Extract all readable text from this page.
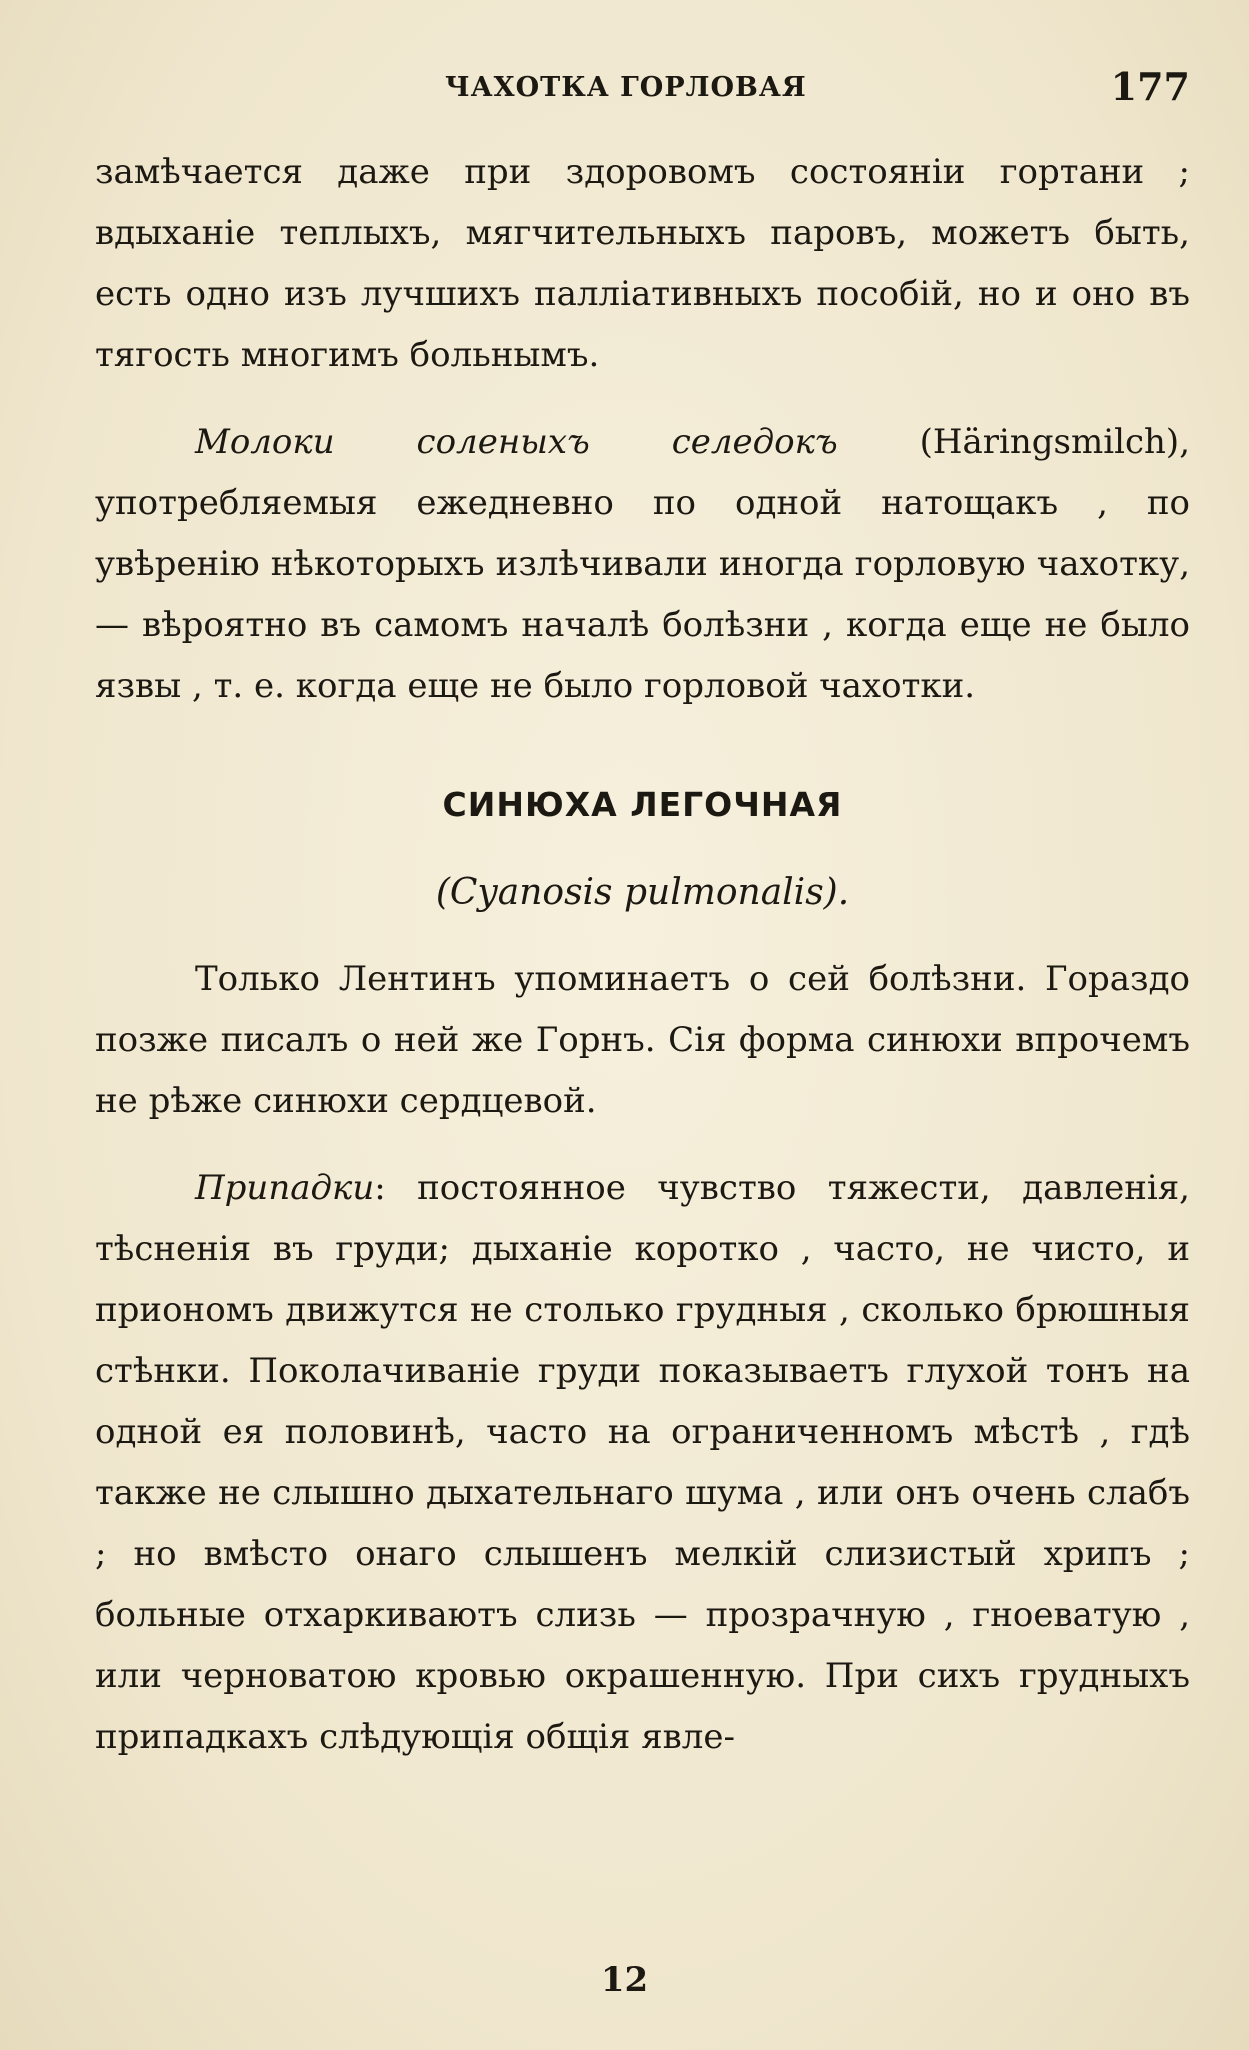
ЧАХОТКА ГОРЛОВАЯ	177

замѣчается даже при здоровомъ состояніи гортани ; вдыханіе теплыхъ, мягчительныхъ паровъ, можетъ быть, есть одно изъ лучшихъ палліативныхъ пособій, но и оно въ тягость многимъ больнымъ.

Молоки соленыхъ селедокъ (Häringsmilch), употребляемыя ежедневно по одной натощакъ , по увѣренію нѣкоторыхъ излѣчивали иногда горловую чахотку, — вѣроятно въ самомъ началѣ болѣзни , когда еще не было язвы , т. е. когда еще не было горловой чахотки.

СИНЮХА ЛЕГОЧНАЯ
(Cyanosis pulmonalis).

Только Лентинъ упоминаетъ о сей болѣзни. Гораздо позже писалъ о ней же Горнъ. Сія форма синюхи впрочемъ не рѣже синюхи сердцевой.

Припадки: постоянное чувство тяжести, давленія, тѣсненія въ груди; дыханіе коротко , часто, не чисто, и приономъ движутся не столько грудныя , сколько брюшныя стѣнки. Поколачиваніе груди показываетъ глухой тонъ на одной ея половинѣ, часто на ограниченномъ мѣстѣ , гдѣ также не слышно дыхательнаго шума , или онъ очень слабъ ; но вмѣсто онаго слышенъ мелкій слизистый хрипъ ; больные отхаркиваютъ слизь — прозрачную , гноеватую , или черноватою кровью окрашенную. При сихъ грудныхъ припадкахъ слѣдующія общія явле-

12
